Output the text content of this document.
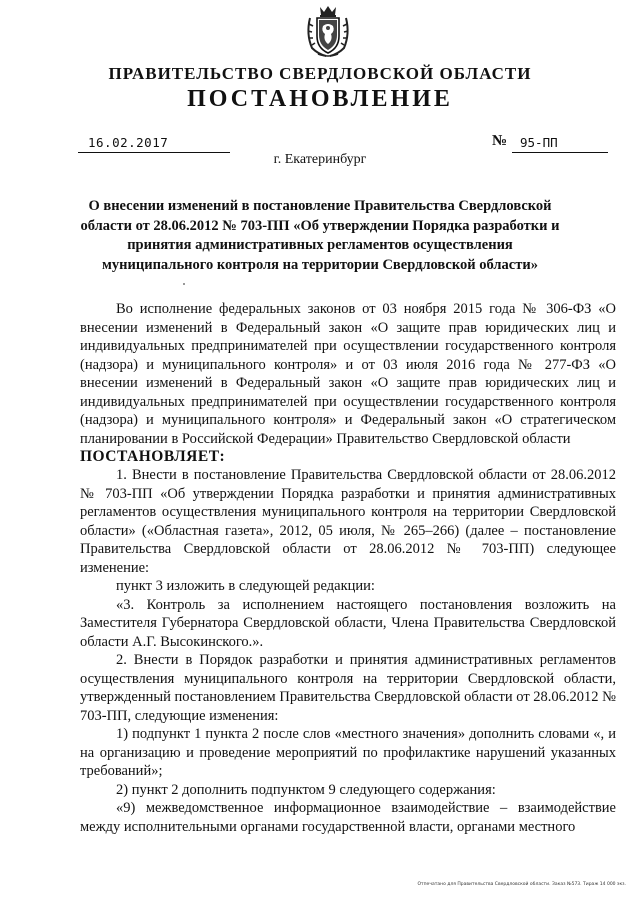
ПРАВИТЕЛЬСТВО СВЕРДЛОВСКОЙ ОБЛАСТИ
ПОСТАНОВЛЕНИЕ
16.02.2017	№	95-ПП
г. Екатеринбург
О внесении изменений в постановление Правительства Свердловской области от 28.06.2012 № 703-ПП «Об утверждении Порядка разработки и принятия административных регламентов осуществления муниципального контроля на территории Свердловской области»

Во исполнение федеральных законов от 03 ноября 2015 года № 306-ФЗ «О внесении изменений в Федеральный закон «О защите прав юридических лиц и индивидуальных предпринимателей при осуществлении государственного контроля (надзора) и муниципального контроля» и от 03 июля 2016 года № 277-ФЗ «О внесении изменений в Федеральный закон «О защите прав юридических лиц и индивидуальных предпринимателей при осуществлении государственного контроля (надзора) и муниципального контроля» и Федеральный закон «О стратегическом планировании в Российской Федерации» Правительство Свердловской области

ПОСТАНОВЛЯЕТ:

1. Внести в постановление Правительства Свердловской области от 28.06.2012 № 703-ПП «Об утверждении Порядка разработки и принятия административных регламентов осуществления муниципального контроля на территории Свердловской области» («Областная газета», 2012, 05 июля, № 265–266) (далее – постановление Правительства Свердловской области от 28.06.2012 № 703-ПП) следующее изменение:

пункт 3 изложить в следующей редакции:

«3. Контроль за исполнением настоящего постановления возложить на Заместителя Губернатора Свердловской области, Члена Правительства Свердловской области А.Г. Высокинского.».

2. Внести в Порядок разработки и принятия административных регламентов осуществления муниципального контроля на территории Свердловской области, утвержденный постановлением Правительства Свердловской области от 28.06.2012 № 703-ПП, следующие изменения:

1) подпункт 1 пункта 2 после слов «местного значения» дополнить словами «, и на организацию и проведение мероприятий по профилактике нарушений указанных требований»;

2) пункт 2 дополнить подпунктом 9 следующего содержания:

«9) межведомственное информационное взаимодействие – взаимодействие между исполнительными органами государственной власти, органами местного

Отпечатано для Правительства Свердловской области. Заказ №573. Тираж 14 000 экз.
